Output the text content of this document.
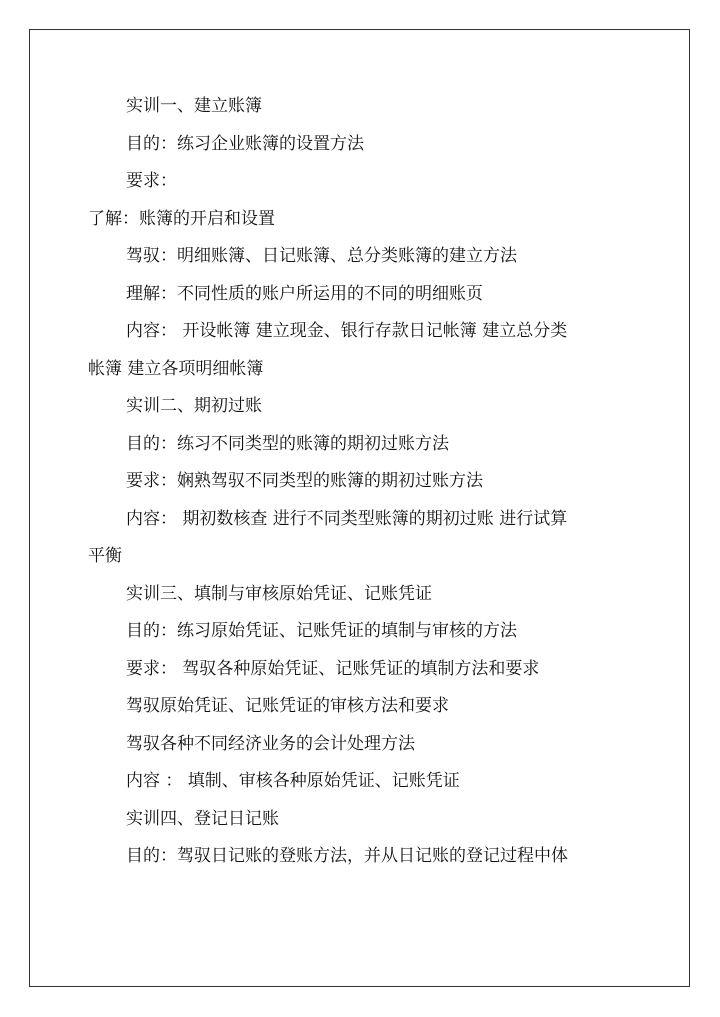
实训一、建立账簿

目的：练习企业账簿的设置方法

要求：

了解：账簿的开启和设置

驾驭：明细账簿、日记账簿、总分类账簿的建立方法

理解：不同性质的账户所运用的不同的明细账页

内容： 开设帐簿 建立现金、银行存款日记帐簿 建立总分类

帐簿 建立各项明细帐簿

实训二、期初过账

目的：练习不同类型的账簿的期初过账方法

要求：娴熟驾驭不同类型的账簿的期初过账方法

内容： 期初数核查 进行不同类型账簿的期初过账 进行试算

平衡

实训三、填制与审核原始凭证、记账凭证

目的：练习原始凭证、记账凭证的填制与审核的方法

要求： 驾驭各种原始凭证、记账凭证的填制方法和要求

驾驭原始凭证、记账凭证的审核方法和要求

驾驭各种不同经济业务的会计处理方法

内容 ： 填制、审核各种原始凭证、记账凭证

实训四、登记日记账

目的：驾驭日记账的登账方法，并从日记账的登记过程中体
